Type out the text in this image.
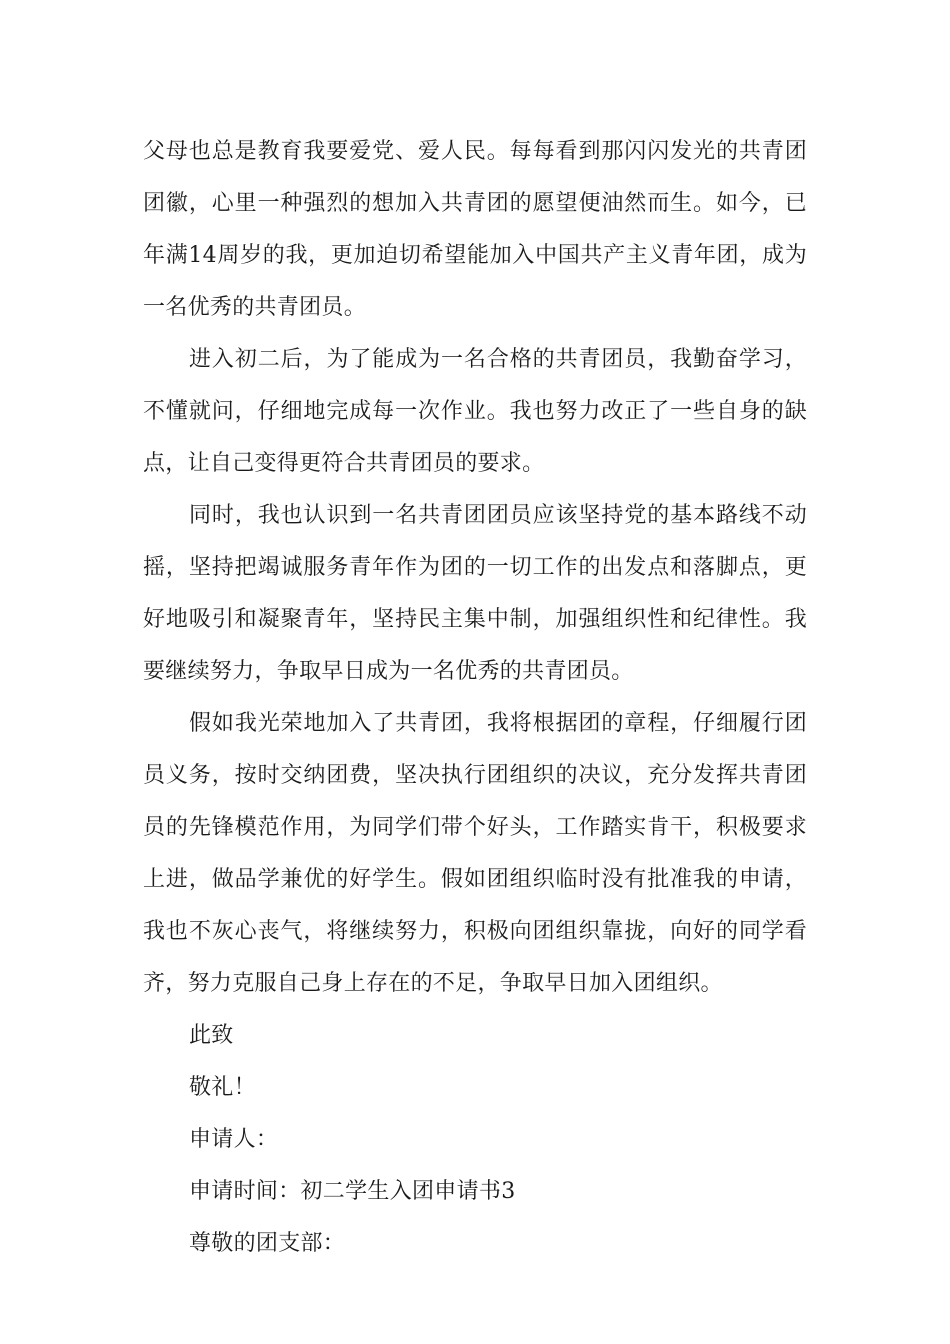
父母也总是教育我要爱党、爱人民。每每看到那闪闪发光的共青团团徽，心里一种强烈的想加入共青团的愿望便油然而生。如今，已年满14周岁的我，更加迫切希望能加入中国共产主义青年团，成为一名优秀的共青团员。

进入初二后，为了能成为一名合格的共青团员，我勤奋学习，不懂就问，仔细地完成每一次作业。我也努力改正了一些自身的缺点，让自己变得更符合共青团员的要求。

同时，我也认识到一名共青团团员应该坚持党的基本路线不动摇，坚持把竭诚服务青年作为团的一切工作的出发点和落脚点，更好地吸引和凝聚青年，坚持民主集中制，加强组织性和纪律性。我要继续努力，争取早日成为一名优秀的共青团员。

假如我光荣地加入了共青团，我将根据团的章程，仔细履行团员义务，按时交纳团费，坚决执行团组织的决议，充分发挥共青团员的先锋模范作用，为同学们带个好头，工作踏实肯干，积极要求上进，做品学兼优的好学生。假如团组织临时没有批准我的申请，我也不灰心丧气，将继续努力，积极向团组织靠拢，向好的同学看齐，努力克服自己身上存在的不足，争取早日加入团组织。

此致

敬礼！

申请人：

申请时间：初二学生入团申请书3

尊敬的团支部：
